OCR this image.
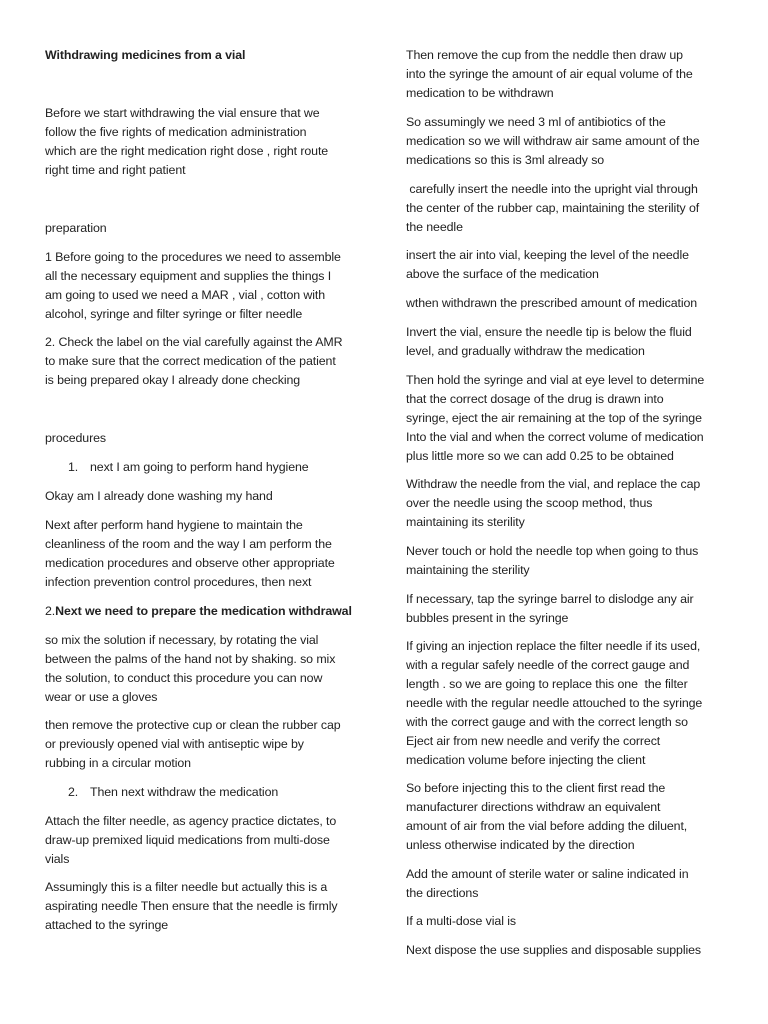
Withdrawing medicines from a vial
Before we start withdrawing the vial ensure that we
follow the five rights of medication administration
which are the right medication right dose , right route
right time and right patient
preparation
1 Before going to the procedures we need to assemble
all the necessary equipment and supplies the things I
am going to used we need a MAR , vial , cotton with
alcohol, syringe and filter syringe or filter needle
2. Check the label on the vial carefully against the AMR
to make sure that the correct medication of the patient
is being prepared okay I already done checking
procedures
1. next I am going to perform hand hygiene
Okay am I already done washing my hand
Next after perform hand hygiene to maintain the
cleanliness of the room and the way I am perform the
medication procedures and observe other appropriate
infection prevention control procedures, then next
2.Next we need to prepare the medication withdrawal
so mix the solution if necessary, by rotating the vial
between the palms of the hand not by shaking. so mix
the solution, to conduct this procedure you can now
wear or use a gloves
then remove the protective cup or clean the rubber cap
or previously opened vial with antiseptic wipe by
rubbing in a circular motion
2. Then next withdraw the medication
Attach the filter needle, as agency practice dictates, to
draw-up premixed liquid medications from multi-dose
vials
Assumingly this is a filter needle but actually this is a
aspirating needle Then ensure that the needle is firmly
attached to the syringe
Then remove the cup from the neddle then draw up
into the syringe the amount of air equal volume of the
medication to be withdrawn
So assumingly we need 3 ml of antibiotics of the
medication so we will withdraw air same amount of the
medications so this is 3ml already so
carefully insert the needle into the upright vial through
the center of the rubber cap, maintaining the sterility of
the needle
insert the air into vial, keeping the level of the needle
above the surface of the medication
wthen withdrawn the prescribed amount of medication
Invert the vial, ensure the needle tip is below the fluid
level, and gradually withdraw the medication
Then hold the syringe and vial at eye level to determine
that the correct dosage of the drug is drawn into
syringe, eject the air remaining at the top of the syringe
Into the vial and when the correct volume of medication
plus little more so we can add 0.25 to be obtained
Withdraw the needle from the vial, and replace the cap
over the needle using the scoop method, thus
maintaining its sterility
Never touch or hold the needle top when going to thus
maintaining the sterility
If necessary, tap the syringe barrel to dislodge any air
bubbles present in the syringe
If giving an injection replace the filter needle if its used,
with a regular safely needle of the correct gauge and
length . so we are going to replace this one  the filter
needle with the regular needle attouched to the syringe
with the correct gauge and with the correct length so
Eject air from new needle and verify the correct
medication volume before injecting the client
So before injecting this to the client first read the
manufacturer directions withdraw an equivalent
amount of air from the vial before adding the diluent,
unless otherwise indicated by the direction
Add the amount of sterile water or saline indicated in
the directions
If a multi-dose vial is
Next dispose the use supplies and disposable supplies
